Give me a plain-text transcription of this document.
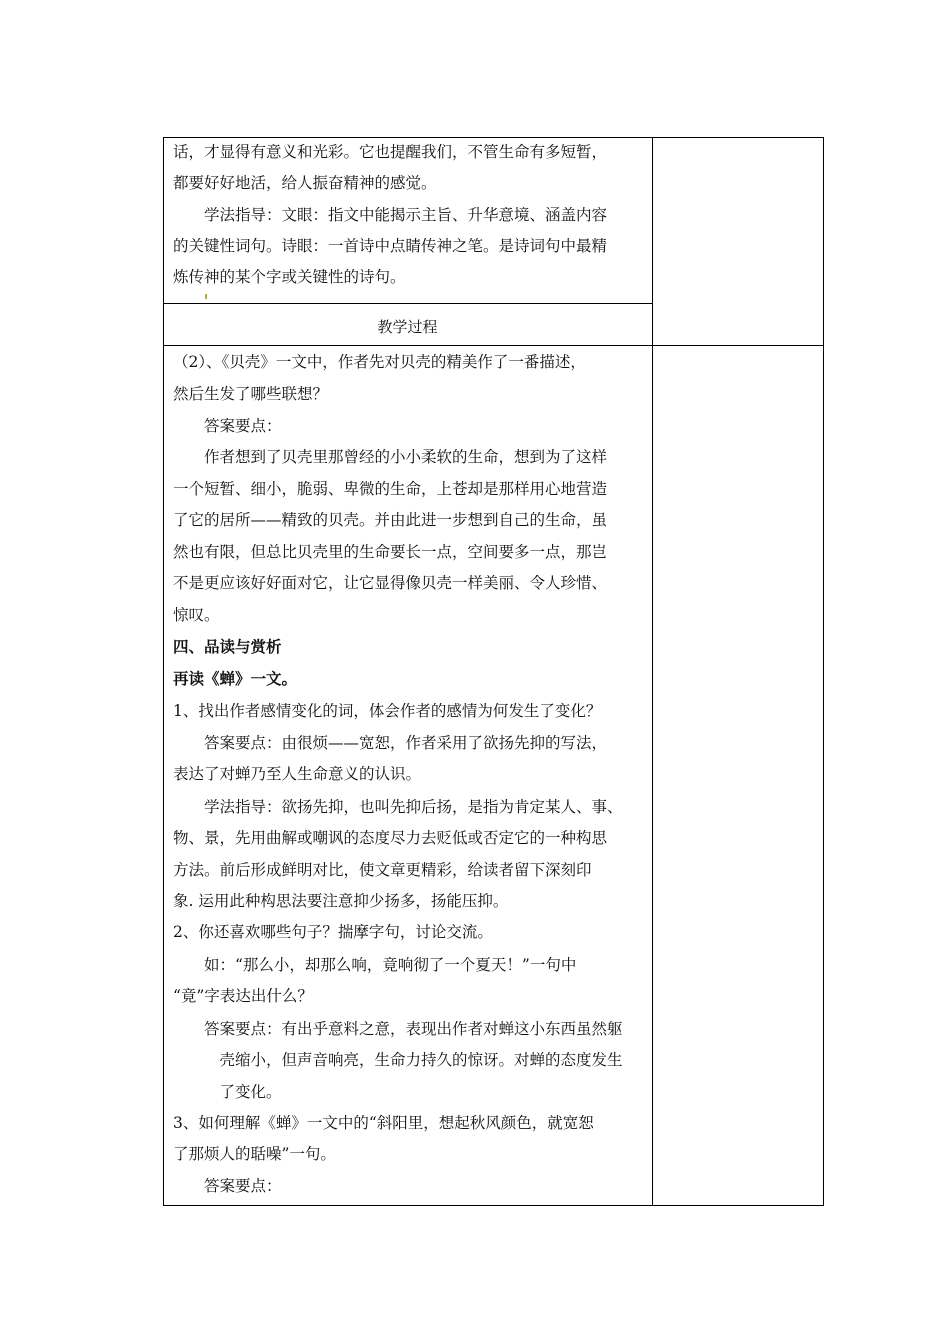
话，才显得有意义和光彩。它也提醒我们，不管生命有多短暂，
都要好好地活，给人振奋精神的感觉。
　　学法指导：文眼：指文中能揭示主旨、升华意境、涵盖内容
的关键性词句。诗眼：一首诗中点睛传神之笔。是诗词句中最精
炼传神的某个字或关键性的诗句。
教学过程
（2）、《贝壳》一文中，作者先对贝壳的精美作了一番描述，
然后生发了哪些联想？
　　答案要点：
　　作者想到了贝壳里那曾经的小小柔软的生命，想到为了这样
一个短暂、细小，脆弱、卑微的生命，上苍却是那样用心地营造
了它的居所——精致的贝壳。并由此进一步想到自己的生命，虽
然也有限，但总比贝壳里的生命要长一点，空间要多一点，那岂
不是更应该好好面对它，让它显得像贝壳一样美丽、令人珍惜、
惊叹。
四、品读与赏析
再读《蝉》一文。
1、找出作者感情变化的词，体会作者的感情为何发生了变化？
　　答案要点：由很烦——宽恕，作者采用了欲扬先抑的写法，
表达了对蝉乃至人生命意义的认识。
　　学法指导：欲扬先抑，也叫先抑后扬，是指为肯定某人、事、
物、景，先用曲解或嘲讽的态度尽力去贬低或否定它的一种构思
方法。前后形成鲜明对比，使文章更精彩，给读者留下深刻印
象. 运用此种构思法要注意抑少扬多，扬能压抑。
2、你还喜欢哪些句子？揣摩字句，讨论交流。
　　如：“那么小，却那么响，竟响彻了一个夏天！”一句中
“竟”字表达出什么？
　　答案要点：有出乎意料之意，表现出作者对蝉这小东西虽然躯
　　　壳缩小，但声音响亮，生命力持久的惊讶。对蝉的态度发生
　　　了变化。
3、如何理解《蝉》一文中的“斜阳里，想起秋风颜色，就宽恕
了那烦人的聒噪”一句。
　　答案要点：
